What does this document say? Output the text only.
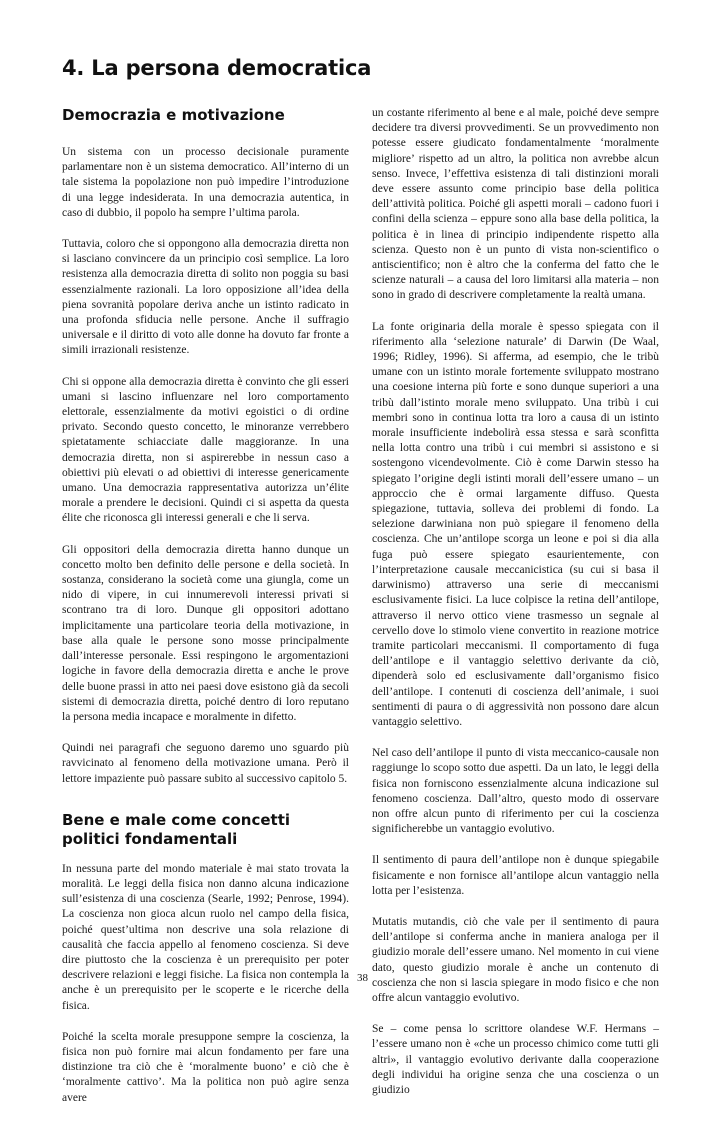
4. La persona democratica
Democrazia e motivazione

Un sistema con un processo decisionale puramente parlamentare non è un sistema democratico. All’interno di un tale sistema la popolazione non può impedire l’introduzione di una legge indesiderata. In una democrazia autentica, in caso di dubbio, il popolo ha sempre l’ultima parola.

Tuttavia, coloro che si oppongono alla democrazia diretta non si lasciano convincere da un principio così semplice. La loro resistenza alla democrazia diretta di solito non poggia su basi essenzialmente razionali. La loro opposizione all’idea della piena sovranità popolare deriva anche un istinto radicato in una profonda sfiducia nelle persone. Anche il suffragio universale e il diritto di voto alle donne ha dovuto far fronte a simili irrazionali resistenze.

Chi si oppone alla democrazia diretta è convinto che gli esseri umani si lascino influenzare nel loro comportamento elettorale, essenzialmente da motivi egoistici o di ordine privato. Secondo questo concetto, le minoranze verrebbero spietatamente schiacciate dalle maggioranze. In una democrazia diretta, non si aspirerebbe in nessun caso a obiettivi più elevati o ad obiettivi di interesse genericamente umano. Una democrazia rappresentativa autorizza un’élite morale a prendere le decisioni. Quindi ci si aspetta da questa élite che riconosca gli interessi generali e che li serva.

Gli oppositori della democrazia diretta hanno dunque un concetto molto ben definito delle persone e della società. In sostanza, considerano la società come una giungla, come un nido di vipere, in cui innumerevoli interessi privati si scontrano tra di loro. Dunque gli oppositori adottano implicitamente una particolare teoria della motivazione, in base alla quale le persone sono mosse principalmente dall’interesse personale. Essi respingono le argomentazioni logiche in favore della democrazia diretta e anche le prove delle buone prassi in atto nei paesi dove esistono già da secoli sistemi di democrazia diretta, poiché dentro di loro reputano la persona media incapace e moralmente in difetto.

Quindi nei paragrafi che seguono daremo uno sguardo più ravvicinato al fenomeno della motivazione umana. Però il lettore impaziente può passare subito al successivo capitolo 5.

Bene e male come concetti politici fondamentali

In nessuna parte del mondo materiale è mai stato trovata la moralità. Le leggi della fisica non danno alcuna indicazione sull’esistenza di una coscienza (Searle, 1992; Penrose, 1994). La coscienza non gioca alcun ruolo nel campo della fisica, poiché quest’ultima non descrive una sola relazione di causalità che faccia appello al fenomeno coscienza. Si deve dire piuttosto che la coscienza è un prerequisito per poter descrivere relazioni e leggi fisiche. La fisica non contempla la anche è un prerequisito per le scoperte e le ricerche della fisica.

Poiché la scelta morale presuppone sempre la coscienza, la fisica non può fornire mai alcun fondamento per fare una distinzione tra ciò che è ‘moralmente buono’ e ciò che è ‘moralmente cattivo’. Ma la politica non può agire senza avere

un costante riferimento al bene e al male, poiché deve sempre decidere tra diversi provvedimenti. Se un provvedimento non potesse essere giudicato fondamentalmente ‘moralmente migliore’ rispetto ad un altro, la politica non avrebbe alcun senso. Invece, l’effettiva esistenza di tali distinzioni morali deve essere assunto come principio base della politica dell’attività politica. Poiché gli aspetti morali – cadono fuori i confini della scienza – eppure sono alla base della politica, la politica è in linea di principio indipendente rispetto alla scienza. Questo non è un punto di vista non-scientifico o antiscientifico; non è altro che la conferma del fatto che le scienze naturali – a causa del loro limitarsi alla materia – non sono in grado di descrivere completamente la realtà umana.

La fonte originaria della morale è spesso spiegata con il riferimento alla ‘selezione naturale’ di Darwin (De Waal, 1996; Ridley, 1996). Si afferma, ad esempio, che le tribù umane con un istinto morale fortemente sviluppato mostrano una coesione interna più forte e sono dunque superiori a una tribù dall’istinto morale meno sviluppato. Una tribù i cui membri sono in continua lotta tra loro a causa di un istinto morale insufficiente indebolirà essa stessa e sarà sconfitta nella lotta contro una tribù i cui membri si assistono e si sostengono vicendevolmente. Ciò è come Darwin stesso ha spiegato l’origine degli istinti morali dell’essere umano – un approccio che è ormai largamente diffuso. Questa spiegazione, tuttavia, solleva dei problemi di fondo. La selezione darwiniana non può spiegare il fenomeno della coscienza. Che un’antilope scorga un leone e poi si dia alla fuga può essere spiegato esaurientemente, con l’interpretazione causale meccanicistica (su cui si basa il darwinismo) attraverso una serie di meccanismi esclusivamente fisici. La luce colpisce la retina dell’antilope, attraverso il nervo ottico viene trasmesso un segnale al cervello dove lo stimolo viene convertito in reazione motrice tramite particolari meccanismi. Il comportamento di fuga dell’antilope e il vantaggio selettivo derivante da ciò, dipenderà solo ed esclusivamente dall’organismo fisico dell’antilope. I contenuti di coscienza dell’animale, i suoi sentimenti di paura o di aggressività non possono dare alcun vantaggio selettivo.

Nel caso dell’antilope il punto di vista meccanico-causale non raggiunge lo scopo sotto due aspetti. Da un lato, le leggi della fisica non forniscono essenzialmente alcuna indicazione sul fenomeno coscienza. Dall’altro, questo modo di osservare non offre alcun punto di riferimento per cui la coscienza significherebbe un vantaggio evolutivo.

Il sentimento di paura dell’antilope non è dunque spiegabile fisicamente e non fornisce all’antilope alcun vantaggio nella lotta per l’esistenza.

Mutatis mutandis, ciò che vale per il sentimento di paura dell’antilope si conferma anche in maniera analoga per il giudizio morale dell’essere umano. Nel momento in cui viene dato, questo giudizio morale è anche un contenuto di coscienza che non si lascia spiegare in modo fisico e che non offre alcun vantaggio evolutivo.

Se – come pensa lo scrittore olandese W.F. Hermans – l’essere umano non è «che un processo chimico come tutti gli altri», il vantaggio evolutivo derivante dalla cooperazione degli individui ha origine senza che una coscienza o un giudizio

38
